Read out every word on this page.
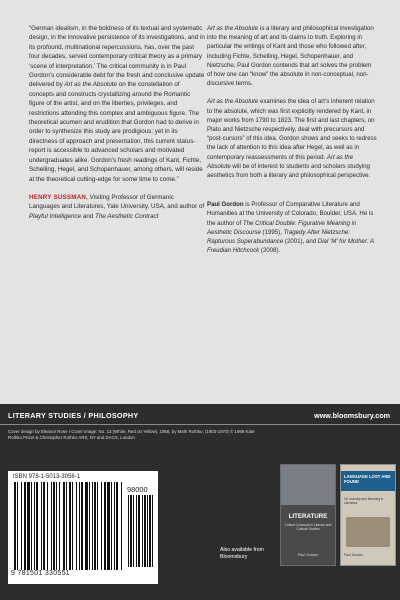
“German idealism, in the boldness of its textual and systematic design, in the innovative persistence of its investigations, and in its profound, multinational repercussions, has, over the past four decades, served contemporary critical theory as a primary ‘scene of interpretation.’ The critical community is in Paul Gordon’s considerable debt for the fresh and conclusive update delivered by Art as the Absolute on the constellation of concepts and constructs crystallizing around the Romantic figure of the artist, and on the liberties, privileges, and restrictions attending this complex and ambiguous figure. The theoretical acumen and erudition that Gordon had to derive in order to synthesize this study are prodigious; yet in its directness of approach and presentation, this current status-report is accessible to advanced scholars and motivated undergraduates alike. Gordon’s fresh readings of Kant, Fichte, Schelling, Hegel, and Schopenhauer, among others, will reside at the theoretical cutting-edge for some time to come.”

HENRY SUSSMAN, Visiting Professor of Germanic Languages and Literatures, Yale University, USA, and author of Playful Intelligence and The Aesthetic Contract

Art as the Absolute is a literary and philosophical investigation into the meaning of art and its claims to truth. Exploring in particular the writings of Kant and those who followed after, including Fichte, Schelling, Hegel, Schopenhauer, and Nietzsche, Paul Gordon contends that art solves the problem of how one can “know” the absolute in non-conceptual, non-discursive terms.

Art as the Absolute examines the idea of art’s inherent relation to the absolute, which was first explicitly rendered by Kant, in major works from 1790 to 1823. The first and last chapters, on Plato and Nietzsche respectively, deal with precursors and “post-cursors” of this idea. Gordon shows and seeks to redress the lack of attention to this idea after Hegel, as well as in contemporary reassessments of this period. Art as the Absolute will be of interest to students and scholars studying aesthetics from both a literary and philosophical perspective.

Paul Gordon is Professor of Comparative Literature and Humanities at the University of Colorado, Boulder, USA. He is the author of The Critical Double: Figurative Meaning in Aesthetic Discourse (1995), Tragedy After Nietzsche: Rapturous Superabundance (2001), and Dial ‘M’ for Mother: A Freudian Hitchcock (2008).

LITERARY STUDIES / PHILOSOPHY	www.bloomsbury.com
Cover design by Eleanor Rose I Cover image: No. 13 (White, Red on Yellow), 1958, by Mark Rothko, (1903-1970) © 1998 Kate Rothko Prizel & Christopher Rothko ARS, NY and DACS, London
ISBN 978-1-5013-3056-1
98000
9 781501 330551
Also available from Bloomsbury
LITERATURE
Critical Concepts in Literary and Cultural Studies
Paul Gordon
LANGUAGE LOST AND FOUND
On Iconicity and Meaning in Literature
Paul Gordon
